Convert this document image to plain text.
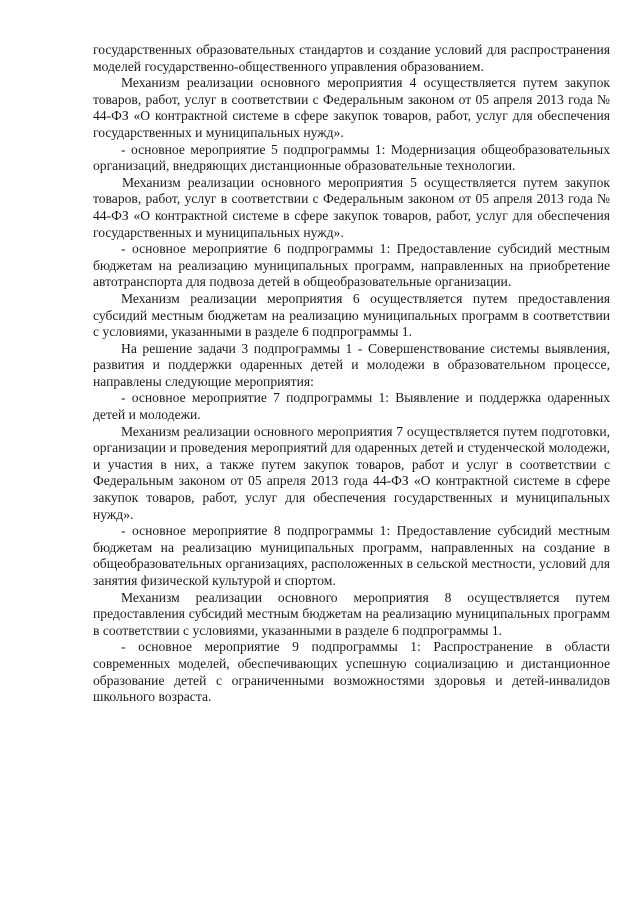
государственных образовательных стандартов и создание условий для распространения моделей государственно-общественного управления образованием.

Механизм реализации основного мероприятия 4 осуществляется путем закупок товаров, работ, услуг в соответствии с Федеральным законом от 05 апреля 2013 года № 44-ФЗ «О контрактной системе в сфере закупок товаров, работ, услуг для обеспечения государственных и муниципальных нужд».

- основное мероприятие 5 подпрограммы 1: Модернизация общеобразовательных организаций, внедряющих дистанционные образовательные технологии.

Механизм реализации основного мероприятия 5 осуществляется путем закупок товаров, работ, услуг в соответствии с Федеральным законом от 05 апреля 2013 года № 44-ФЗ «О контрактной системе в сфере закупок товаров, работ, услуг для обеспечения государственных и муниципальных нужд».

- основное мероприятие 6 подпрограммы 1: Предоставление субсидий местным бюджетам на реализацию муниципальных программ, направленных на приобретение автотранспорта для подвоза детей в общеобразовательные организации.

Механизм реализации мероприятия 6 осуществляется путем предоставления субсидий местным бюджетам на реализацию муниципальных программ в соответствии с условиями, указанными в разделе 6 подпрограммы 1.

На решение задачи 3 подпрограммы 1 - Совершенствование системы выявления, развития и поддержки одаренных детей и молодежи в образовательном процессе, направлены следующие мероприятия:

- основное мероприятие 7 подпрограммы 1: Выявление и поддержка одаренных детей и молодежи.

Механизм реализации основного мероприятия 7 осуществляется путем подготовки, организации и проведения мероприятий для одаренных детей и студенческой молодежи, и участия в них, а также путем закупок товаров, работ и услуг в соответствии с Федеральным законом от 05 апреля 2013 года 44-ФЗ «О контрактной системе в сфере закупок товаров, работ, услуг для обеспечения государственных и муниципальных нужд».

- основное мероприятие 8 подпрограммы 1: Предоставление субсидий местным бюджетам на реализацию муниципальных программ, направленных на создание в общеобразовательных организациях, расположенных в сельской местности, условий для занятия физической культурой и спортом.

Механизм реализации основного мероприятия 8 осуществляется путем предоставления субсидий местным бюджетам на реализацию муниципальных программ в соответствии с условиями, указанными в разделе 6 подпрограммы 1.

- основное мероприятие 9 подпрограммы 1: Распространение в области современных моделей, обеспечивающих успешную социализацию и дистанционное образование детей с ограниченными возможностями здоровья и детей-инвалидов школьного возраста.
